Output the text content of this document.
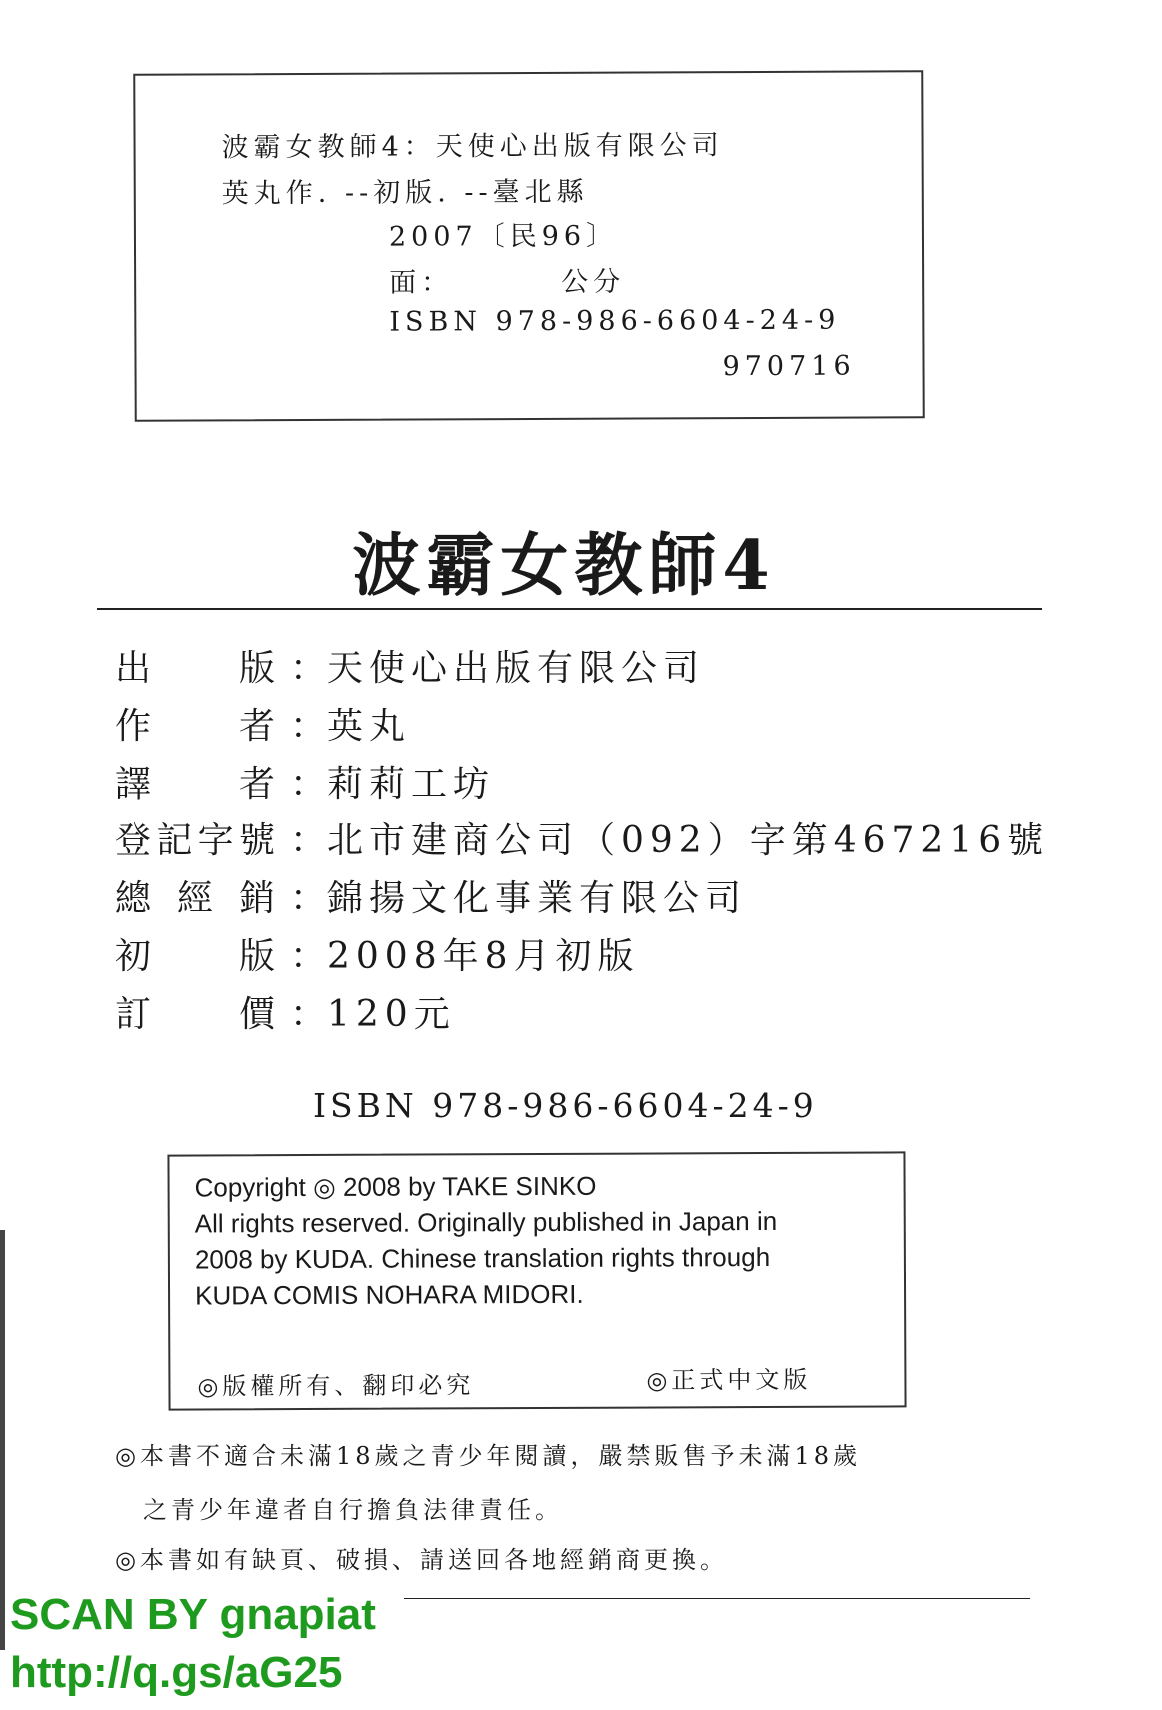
波霸女教師4：天使心出版有限公司
英丸作. --初版. --臺北縣
2007〔民96〕
面：	公分
ISBN 978-986-6604-24-9
970716
波霸女教師4
出 版 ： 天使心出版有限公司
作 者 ： 英丸
譯 者 ： 莉莉工坊
登 記 字 號 ： 北市建商公司（092）字第467216號
總 經 銷 ： 錦揚文化事業有限公司
初 版 ： 2008年8月初版
訂 價 ： 120元
ISBN 978-986-6604-24-9
Copyright ◎ 2008 by TAKE SINKO
All rights reserved. Originally published in Japan in
2008 by KUDA. Chinese translation rights through
KUDA COMIS NOHARA MIDORI.
◎版權所有、翻印必究	◎正式中文版
◎本書不適合未滿18歲之青少年閱讀，嚴禁販售予未滿18歲
之青少年違者自行擔負法律責任。
◎本書如有缺頁、破損、請送回各地經銷商更換。
SCAN BY gnapiat
http://q.gs/aG25
